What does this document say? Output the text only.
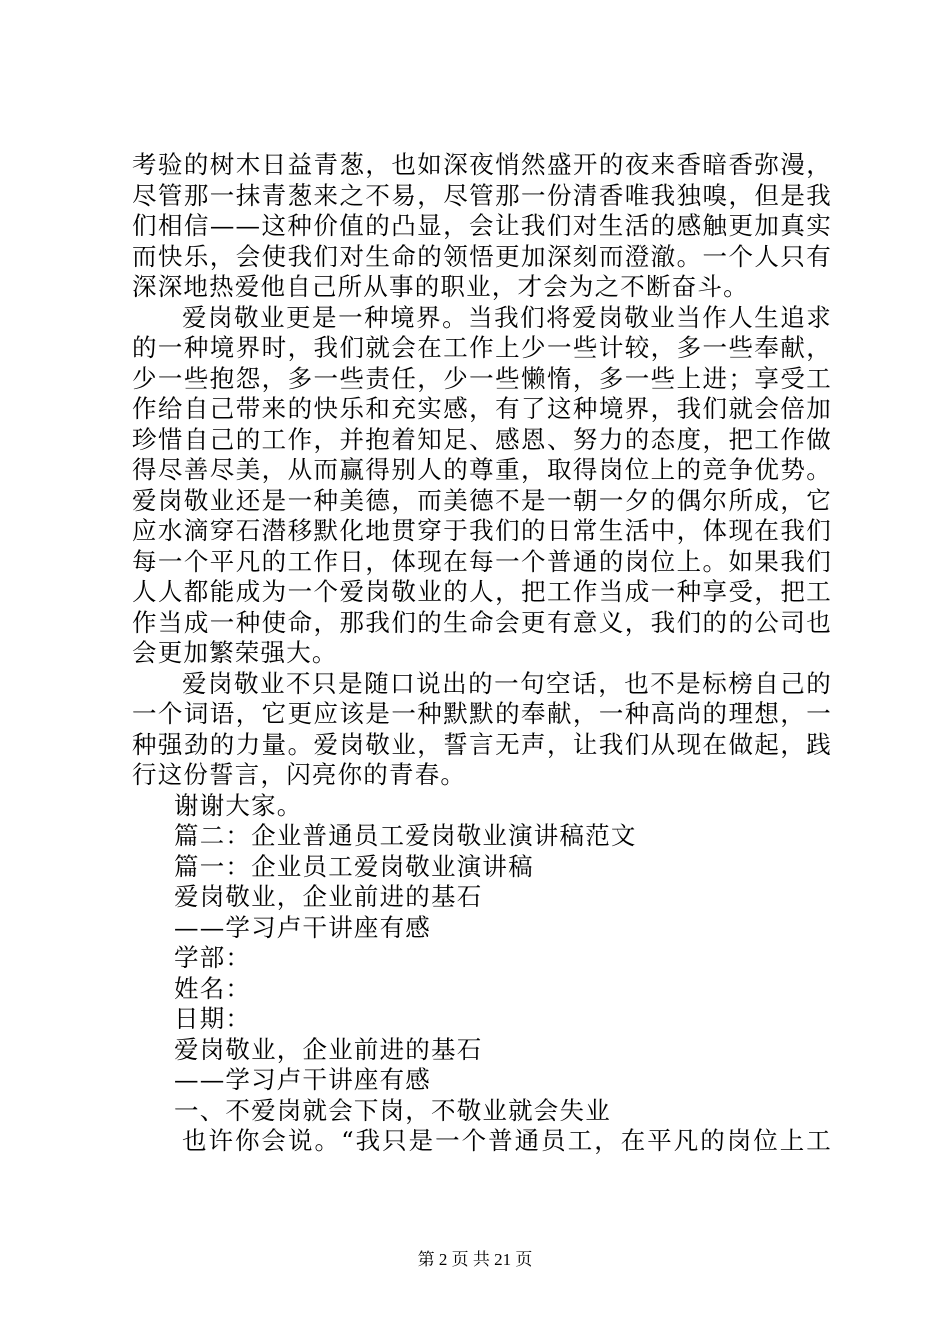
考验的树木日益青葱，也如深夜悄然盛开的夜来香暗香弥漫，
尽管那一抹青葱来之不易，尽管那一份清香唯我独嗅，但是我
们相信——这种价值的凸显，会让我们对生活的感触更加真实
而快乐，会使我们对生命的领悟更加深刻而澄澈。一个人只有
深深地热爱他自己所从事的职业，才会为之不断奋斗。
爱岗敬业更是一种境界。当我们将爱岗敬业当作人生追求
的一种境界时，我们就会在工作上少一些计较，多一些奉献，
少一些抱怨，多一些责任，少一些懒惰，多一些上进；享受工
作给自己带来的快乐和充实感，有了这种境界，我们就会倍加
珍惜自己的工作，并抱着知足、感恩、努力的态度，把工作做
得尽善尽美，从而赢得别人的尊重，取得岗位上的竞争优势。
爱岗敬业还是一种美德，而美德不是一朝一夕的偶尔所成，它
应水滴穿石潜移默化地贯穿于我们的日常生活中，体现在我们
每一个平凡的工作日，体现在每一个普通的岗位上。如果我们
人人都能成为一个爱岗敬业的人，把工作当成一种享受，把工
作当成一种使命，那我们的生命会更有意义，我们的的公司也
会更加繁荣强大。
爱岗敬业不只是随口说出的一句空话，也不是标榜自己的
一个词语，它更应该是一种默默的奉献，一种高尚的理想，一
种强劲的力量。爱岗敬业，誓言无声，让我们从现在做起，践
行这份誓言，闪亮你的青春。
谢谢大家。
篇二：企业普通员工爱岗敬业演讲稿范文
篇一：企业员工爱岗敬业演讲稿
爱岗敬业，企业前进的基石
——学习卢干讲座有感
学部：
姓名：
日期：
爱岗敬业，企业前进的基石
——学习卢干讲座有感
一、不爱岗就会下岗，不敬业就会失业
也许你会说。“我只是一个普通员工，在平凡的岗位上工
第 2 页 共 21 页
